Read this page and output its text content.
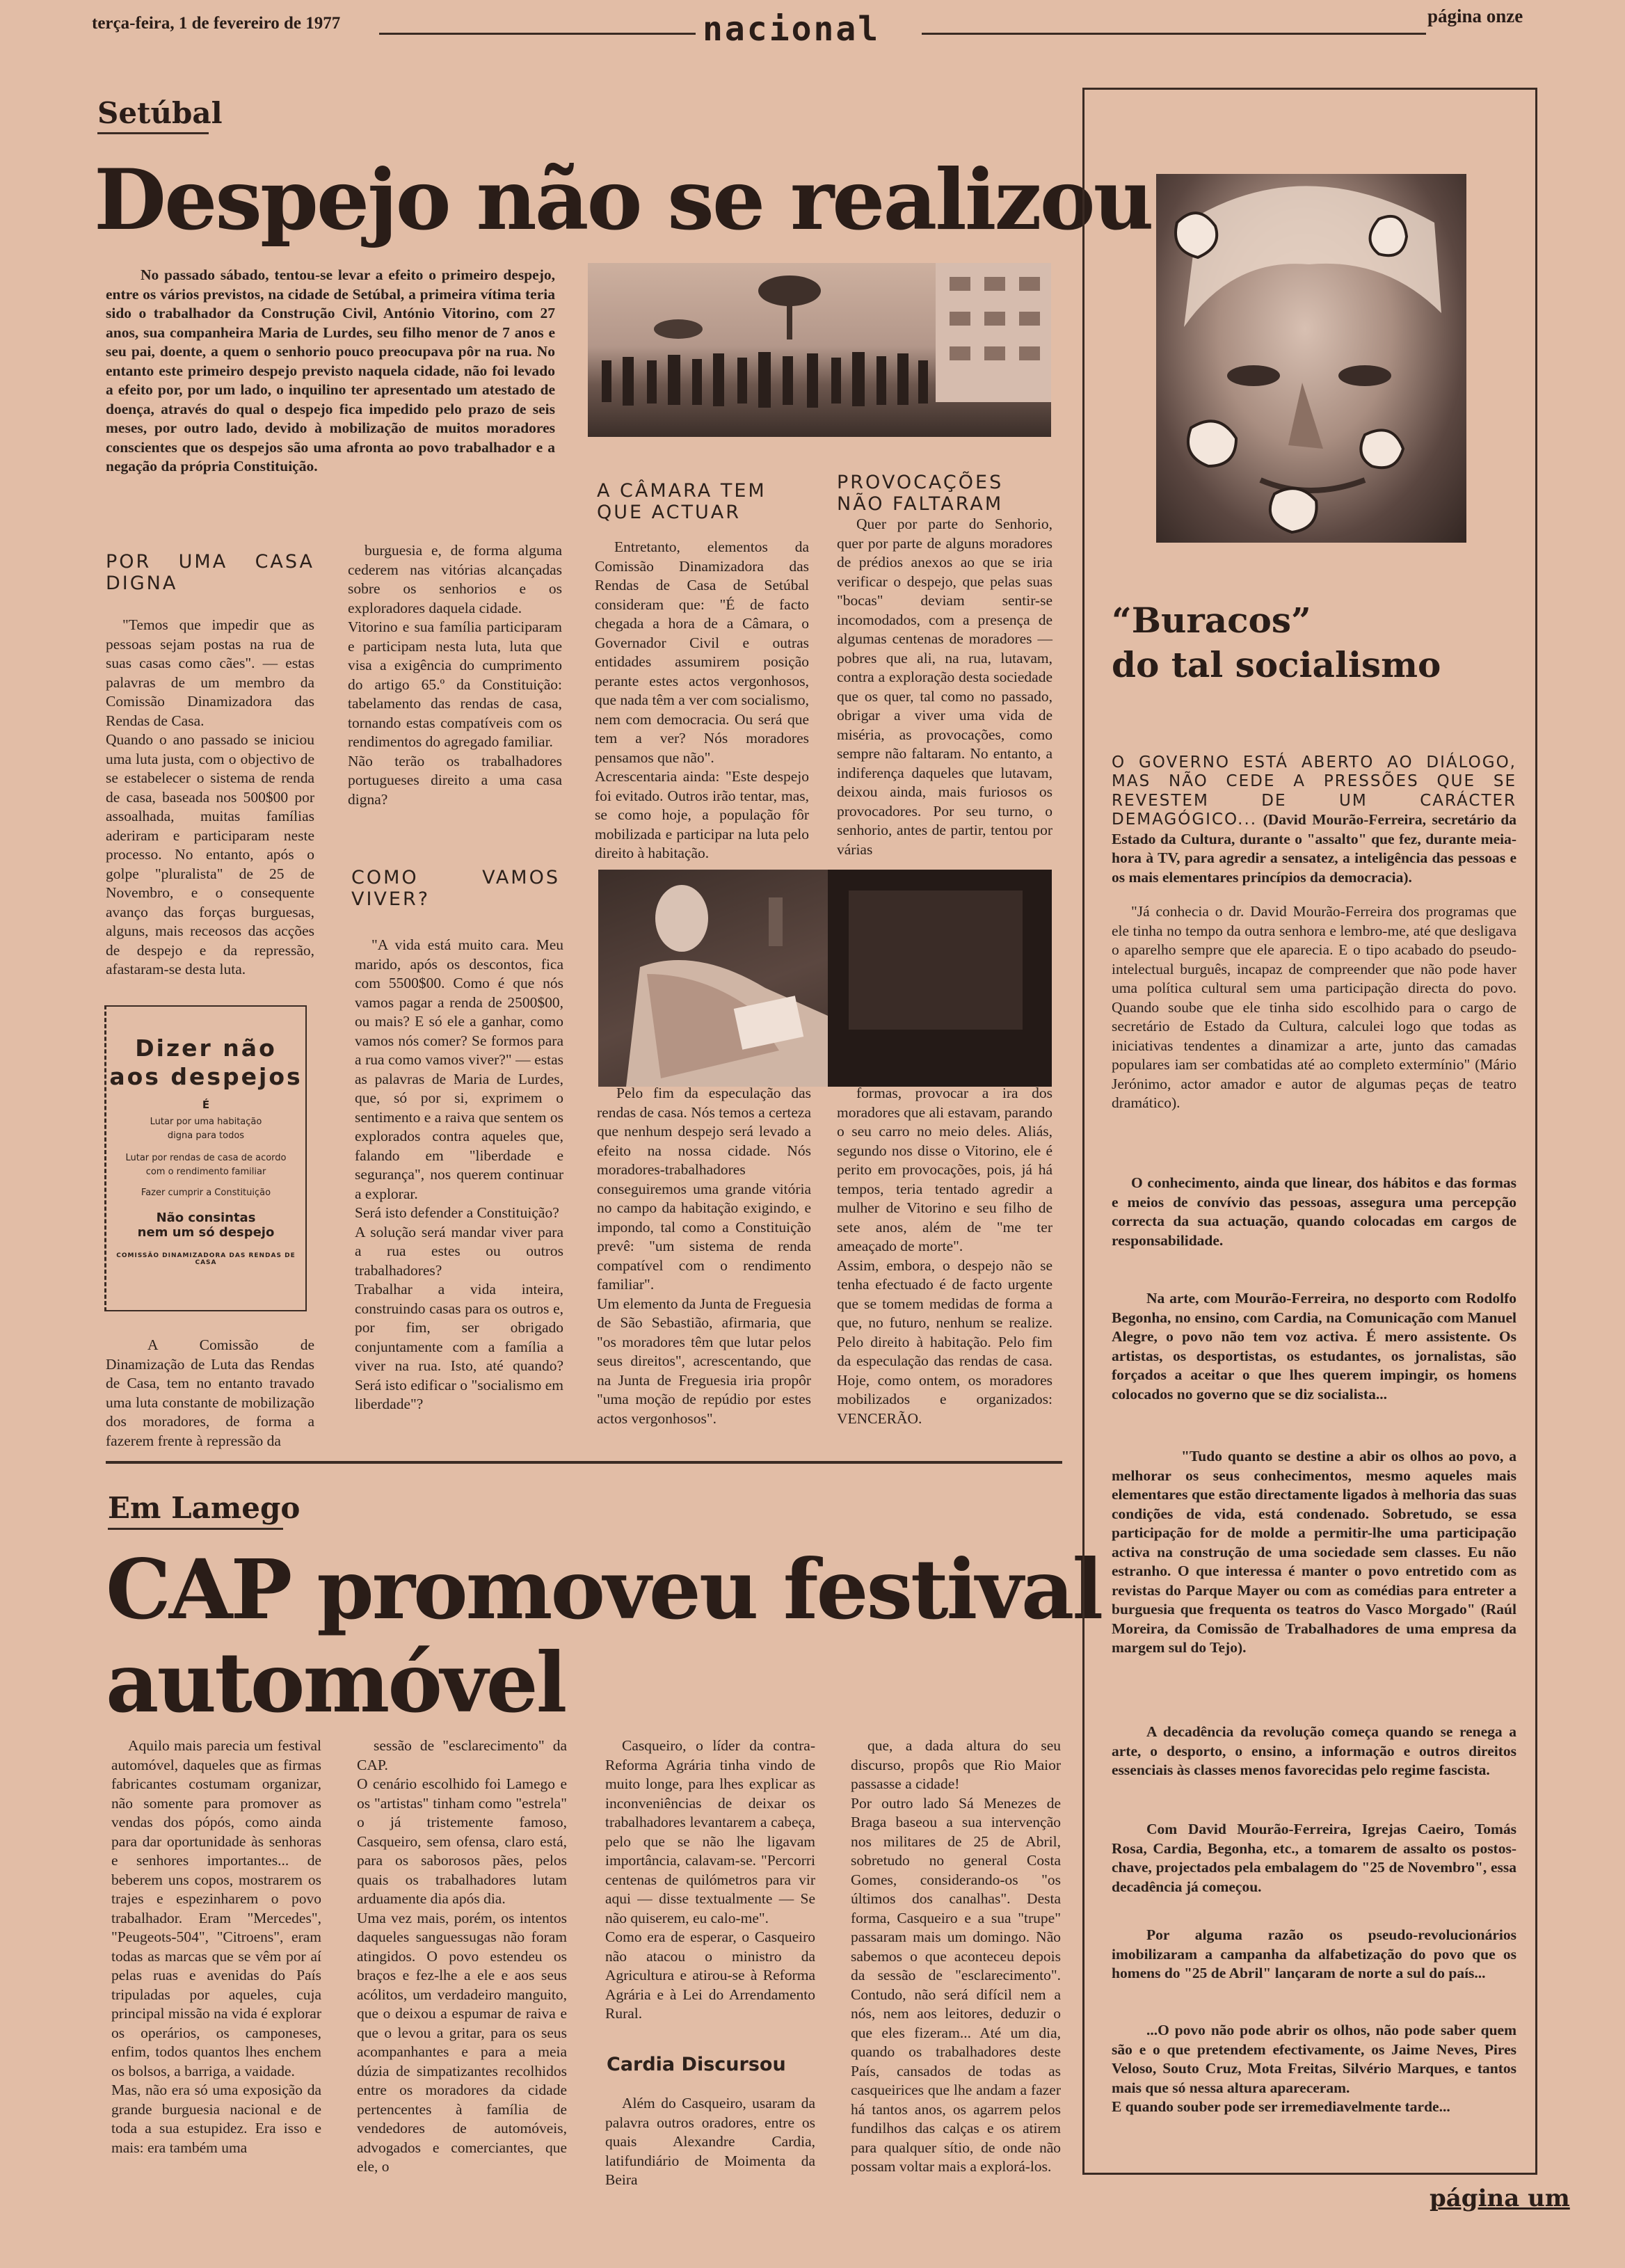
terça-feira, 1 de fevereiro de 1977	nacional	página onze
Setúbal
Despejo não se realizou

No passado sábado, tentou-se levar a efeito o primeiro despejo, entre os vários previstos, na cidade de Setúbal, a primeira vítima teria sido o trabalhador da Construção Civil, António Vitorino, com 27 anos, sua companheira Maria de Lurdes, seu filho menor de 7 anos e seu pai, doente, a quem o senhorio pouco preocupava pôr na rua. No entanto este primeiro despejo previsto naquela cidade, não foi levado a efeito por, por um lado, o inquilino ter apresentado um atestado de doença, através do qual o despejo fica impedido pelo prazo de seis meses, por outro lado, devido à mobilização de muitos moradores conscientes que os despejos são uma afronta ao povo trabalhador e a negação da própria Constituição.

POR UMA CASA DIGNA

"Temos que impedir que as pessoas sejam postas na rua de suas casas como cães". — estas palavras de um membro da Comissão Dinamizadora das Rendas de Casa.
Quando o ano passado se iniciou uma luta justa, com o objectivo de se estabelecer o sistema de renda de casa, baseada nos 500$00 por assoalhada, muitas famílias aderiram e participaram neste processo. No entanto, após o golpe "pluralista" de 25 de Novembro, e o consequente avanço das forças burguesas, alguns, mais receosos das acções de despejo e da repressão, afastaram-se desta luta.

Dizer não
aos despejos
É
Lutar por uma habitação digna para todos
Lutar por rendas de casa de acordo com o rendimento familiar
Fazer cumprir a Constituição
Não consintas
nem um só despejo
COMISSÃO DINAMIZADORA DAS RENDAS DE CASA

A Comissão de Dinamização de Luta das Rendas de Casa, tem no entanto travado uma luta constante de mobilização dos moradores, de forma a fazerem frente à repressão da

burguesia e, de forma alguma cederem nas vitórias alcançadas sobre os senhorios e os exploradores daquela cidade.
Vitorino e sua família participaram e participam nesta luta, luta que visa a exigência do cumprimento do artigo 65.º da Constituição: tabelamento das rendas de casa, tornando estas compatíveis com os rendimentos do agregado familiar.
Não terão os trabalhadores portugueses direito a uma casa digna?

COMO VAMOS VIVER?

"A vida está muito cara. Meu marido, após os descontos, fica com 5500$00. Como é que nós vamos pagar a renda de 2500$00, ou mais? E só ele a ganhar, como vamos nós comer? Se formos para a rua como vamos viver?" — estas as palavras de Maria de Lurdes, que, só por si, exprimem o sentimento e a raiva que sentem os explorados contra aqueles que, falando em "liberdade e segurança", nos querem continuar a explorar.
Será isto defender a Constituição?
A solução será mandar viver para a rua estes ou outros trabalhadores?
Trabalhar a vida inteira, construindo casas para os outros e, por fim, ser obrigado conjuntamente com a família a viver na rua. Isto, até quando? Será isto edificar o "socialismo em liberdade"?

A CÂMARA TEM QUE ACTUAR

Entretanto, elementos da Comissão Dinamizadora das Rendas de Casa de Setúbal consideram que: "É de facto chegada a hora de a Câmara, o Governador Civil e outras entidades assumirem posição perante estes actos vergonhosos, que nada têm a ver com socialismo, nem com democracia. Ou será que tem a ver? Nós moradores pensamos que não".
Acrescentaria ainda: "Este despejo foi evitado. Outros irão tentar, mas, se como hoje, a população fôr mobilizada e participar na luta pelo direito à habitação.

Pelo fim da especulação das rendas de casa. Nós temos a certeza que nenhum despejo será levado a efeito na nossa cidade. Nós moradores-trabalhadores conseguiremos uma grande vitória no campo da habitação exigindo, e impondo, tal como a Constituição prevê: "um sistema de renda compatível com o rendimento familiar".
Um elemento da Junta de Freguesia de São Sebastião, afirmaria, que "os moradores têm que lutar pelos seus direitos", acrescentando, que na Junta de Freguesia iria propôr "uma moção de repúdio por estes actos vergonhosos".

PROVOCAÇÕES NÃO FALTARAM

Quer por parte do Senhorio, quer por parte de alguns moradores de prédios anexos ao que se iria verificar o despejo, que pelas suas "bocas" deviam sentir-se incomodados, com a presença de algumas centenas de moradores — pobres que ali, na rua, lutavam, contra a exploração desta sociedade que os quer, tal como no passado, obrigar a viver uma vida de miséria, as provocações, como sempre não faltaram. No entanto, a indiferença daqueles que lutavam, deixou ainda, mais furiosos os provocadores. Por seu turno, o senhorio, antes de partir, tentou por várias

formas, provocar a ira dos moradores que ali estavam, parando o seu carro no meio deles. Aliás, segundo nos disse o Vitorino, ele é perito em provocações, pois, já há tempos, teria tentado agredir a mulher de Vitorino e seu filho de sete anos, além de "me ter ameaçado de morte".
Assim, embora, o despejo não se tenha efectuado é de facto urgente que se tomem medidas de forma a que, no futuro, nenhum se realize. Pelo direito à habitação. Pelo fim da especulação das rendas de casa. Hoje, como ontem, os moradores mobilizados e organizados: VENCERÃO.

Em Lamego
CAP promoveu festival
automóvel

Aquilo mais parecia um festival automóvel, daqueles que as firmas fabricantes costumam organizar, não somente para promover as vendas dos pópós, como ainda para dar oportunidade às senhoras e senhores importantes... de beberem uns copos, mostrarem os trajes e espezinharem o povo trabalhador. Eram "Mercedes", "Peugeots-504", "Citroens", eram todas as marcas que se vêm por aí pelas ruas e avenidas do País tripuladas por aqueles, cuja principal missão na vida é explorar os operários, os camponeses, enfim, todos quantos lhes enchem os bolsos, a barriga, a vaidade.
Mas, não era só uma exposição da grande burguesia nacional e de toda a sua estupidez. Era isso e mais: era também uma

sessão de "esclarecimento" da CAP.
O cenário escolhido foi Lamego e os "artistas" tinham como "estrela" o já tristemente famoso, Casqueiro, sem ofensa, claro está, para os saborosos pães, pelos quais os trabalhadores lutam arduamente dia após dia.
Uma vez mais, porém, os intentos daqueles sanguessugas não foram atingidos. O povo estendeu os braços e fez-lhe a ele e aos seus acólitos, um verdadeiro manguito, que o deixou a espumar de raiva e que o levou a gritar, para os seus acompanhantes e para a meia dúzia de simpatizantes recolhidos entre os moradores da cidade pertencentes à família de vendedores de automóveis, advogados e comerciantes, que ele, o

Casqueiro, o líder da contra-Reforma Agrária tinha vindo de muito longe, para lhes explicar as inconveniências de deixar os trabalhadores levantarem a cabeça, pelo que se não lhe ligavam importância, calavam-se. "Percorri centenas de quilómetros para vir aqui — disse textualmente — Se não quiserem, eu calo-me".
Como era de esperar, o Casqueiro não atacou o ministro da Agricultura e atirou-se à Reforma Agrária e à Lei do Arrendamento Rural.

Cardia Discursou

Além do Casqueiro, usaram da palavra outros oradores, entre os quais Alexandre Cardia, latifundiário de Moimenta da Beira

que, a dada altura do seu discurso, propôs que Rio Maior passasse a cidade!
Por outro lado Sá Menezes de Braga baseou a sua intervenção nos militares de 25 de Abril, sobretudo no general Costa Gomes, considerando-os "os últimos dos canalhas". Desta forma, Casqueiro e a sua "trupe" passaram mais um domingo. Não sabemos o que aconteceu depois da sessão de "esclarecimento". Contudo, não será difícil nem a nós, nem aos leitores, deduzir o que eles fizeram... Até um dia, quando os trabalhadores deste País, cansados de todas as casqueirices que lhe andam a fazer há tantos anos, os agarrem pelos fundilhos das calças e os atirem para qualquer sítio, de onde não possam voltar mais a explorá-los.

“Buracos”
do tal socialismo

O GOVERNO ESTÁ ABERTO AO DIÁLOGO, MAS NÃO CEDE A PRESSÕES QUE SE REVESTEM DE UM CARÁCTER DEMAGÓGICO... (David Mourão-Ferreira, secretário da Estado da Cultura, durante o "assalto" que fez, durante meia-hora à TV, para agredir a sensatez, a inteligência das pessoas e os mais elementares princípios da democracia).

"Já conhecia o dr. David Mourão-Ferreira dos programas que ele tinha no tempo da outra senhora e lembro-me, até que desligava o aparelho sempre que ele aparecia. E o tipo acabado do pseudo-intelectual burguês, incapaz de compreender que não pode haver uma política cultural sem uma participação directa do povo. Quando soube que ele tinha sido escolhido para o cargo de secretário de Estado da Cultura, calculei logo que todas as iniciativas tendentes a dinamizar a arte, junto das camadas populares iam ser combatidas até ao completo extermínio" (Mário Jerónimo, actor amador e autor de algumas peças de teatro dramático).

O conhecimento, ainda que linear, dos hábitos e das formas e meios de convívio das pessoas, assegura uma percepção correcta da sua actuação, quando colocadas em cargos de responsabilidade.

Na arte, com Mourão-Ferreira, no desporto com Rodolfo Begonha, no ensino, com Cardia, na Comunicação com Manuel Alegre, o povo não tem voz activa. É mero assistente. Os artistas, os desportistas, os estudantes, os jornalistas, são forçados a aceitar o que lhes querem impingir, os homens colocados no governo que se diz socialista...

"Tudo quanto se destine a abir os olhos ao povo, a melhorar os seus conhecimentos, mesmo aqueles mais elementares que estão directamente ligados à melhoria das suas condições de vida, está condenado. Sobretudo, se essa participação for de molde a permitir-lhe uma participação activa na construção de uma sociedade sem classes. Eu não estranho. O que interessa é manter o povo entretido com as revistas do Parque Mayer ou com as comédias para entreter a burguesia que frequenta os teatros do Vasco Morgado" (Raúl Moreira, da Comissão de Trabalhadores de uma empresa da margem sul do Tejo).

A decadência da revolução começa quando se renega a arte, o desporto, o ensino, a informação e outros direitos essenciais às classes menos favorecidas pelo regime fascista.

Com David Mourão-Ferreira, Igrejas Caeiro, Tomás Rosa, Cardia, Begonha, etc., a tomarem de assalto os postos-chave, projectados pela embalagem do "25 de Novembro", essa decadência já começou.

Por alguma razão os pseudo-revolucionários imobilizaram a campanha da alfabetização do povo que os homens do "25 de Abril" lançaram de norte a sul do país...

...O povo não pode abrir os olhos, não pode saber quem são e o que pretendem efectivamente, os Jaime Neves, Pires Veloso, Souto Cruz, Mota Freitas, Silvério Marques, e tantos mais que só nessa altura apareceram.
E quando souber pode ser irremediavelmente tarde...

página um
